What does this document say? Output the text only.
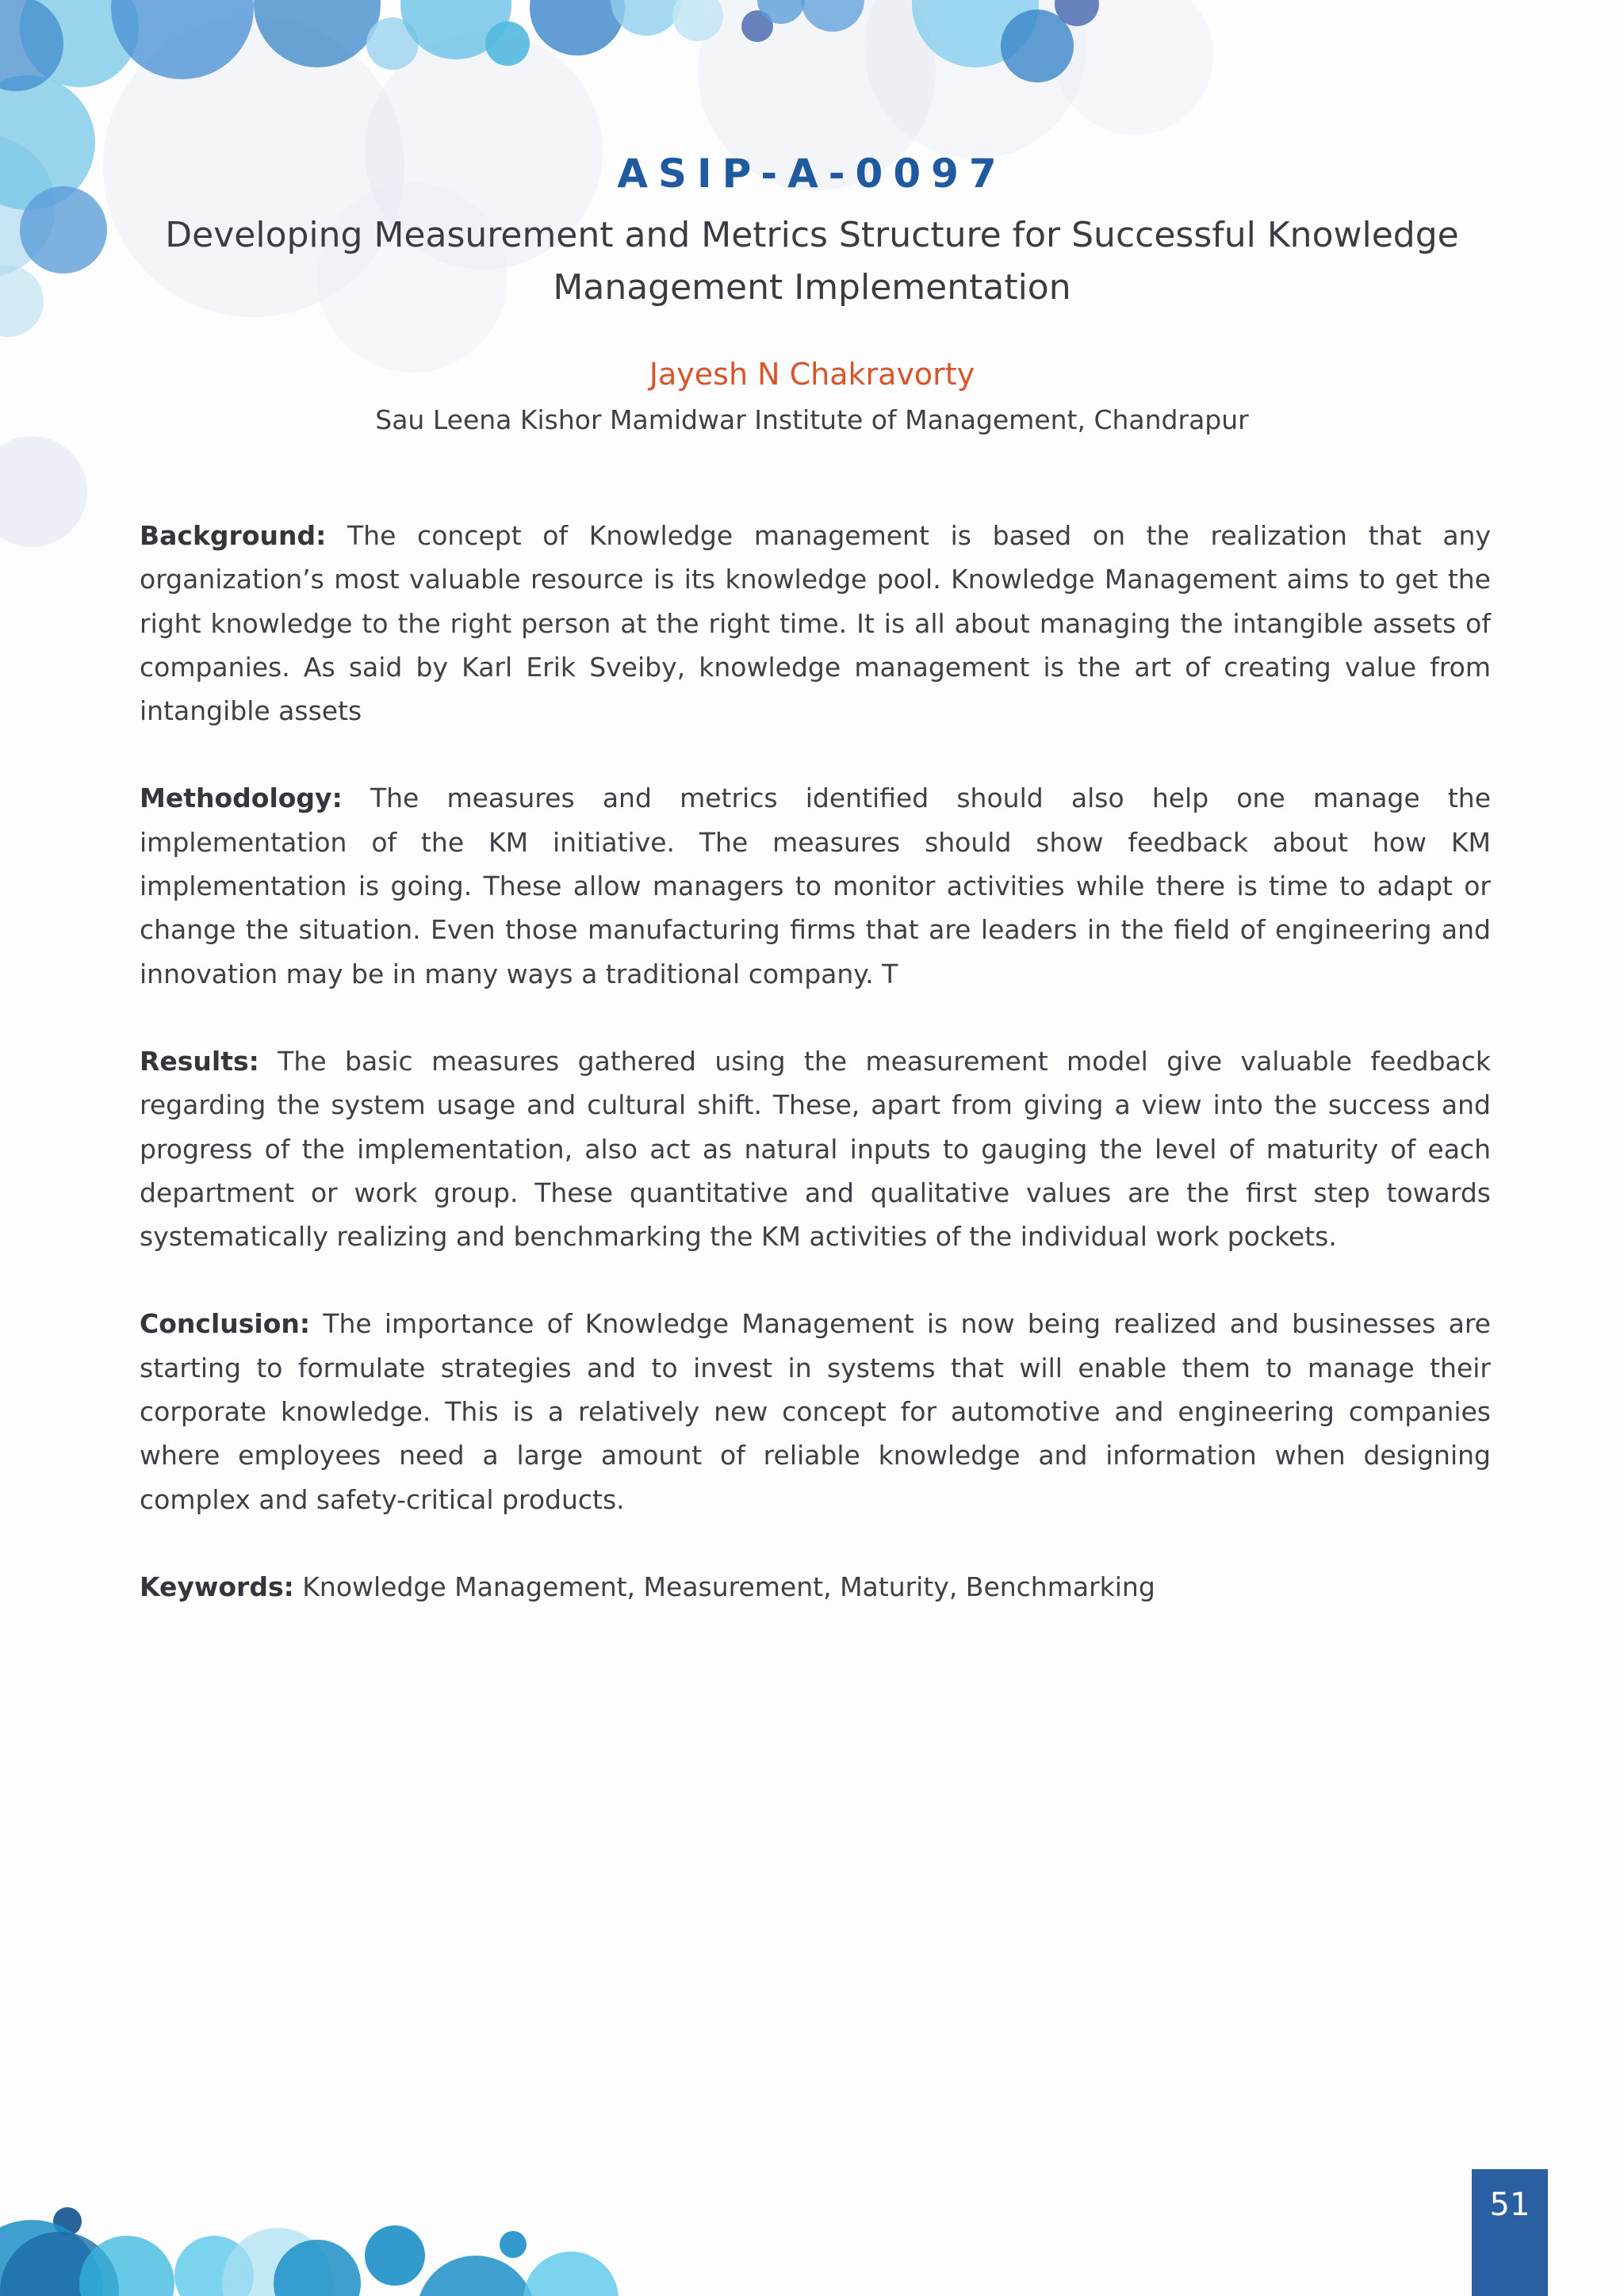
ASIP-A-0097
Developing Measurement and Metrics Structure for Successful Knowledge Management Implementation
Jayesh N Chakravorty
Sau Leena Kishor Mamidwar Institute of Management, Chandrapur

Background: The concept of Knowledge management is based on the realization that any organization’s most valuable resource is its knowledge pool. Knowledge Management aims to get the right knowledge to the right person at the right time. It is all about managing the intangible assets of companies. As said by Karl Erik Sveiby, knowledge management is the art of creating value from intangible assets

Methodology: The measures and metrics identified should also help one manage the implementation of the KM initiative. The measures should show feedback about how KM implementation is going. These allow managers to monitor activities while there is time to adapt or change the situation. Even those manufacturing firms that are leaders in the field of engineering and innovation may be in many ways a traditional company. T

Results: The basic measures gathered using the measurement model give valuable feedback regarding the system usage and cultural shift. These, apart from giving a view into the success and progress of the implementation, also act as natural inputs to gauging the level of maturity of each department or work group. These quantitative and qualitative values are the first step towards systematically realizing and benchmarking the KM activities of the individual work pockets.

Conclusion: The importance of Knowledge Management is now being realized and businesses are starting to formulate strategies and to invest in systems that will enable them to manage their corporate knowledge. This is a relatively new concept for automotive and engineering companies where employees need a large amount of reliable knowledge and information when designing complex and safety-critical products.

Keywords: Knowledge Management, Measurement, Maturity, Benchmarking

51
